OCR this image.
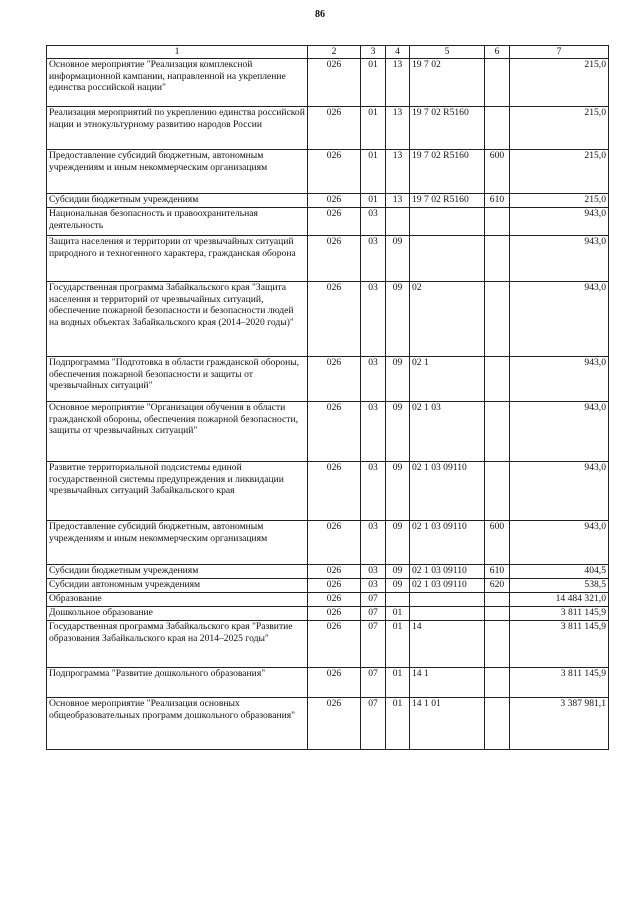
86
1	2	3	4	5	6	7
Основное мероприятие "Реализация комплексной информационной кампании, направленной на укрепление единства российской нации"	026	01	13	19 7 02		215,0
Реализация мероприятий по укреплению единства российской нации и этнокультурному развитию народов России	026	01	13	19 7 02 R5160		215,0
Предоставление субсидий бюджетным, автономным учреждениям и иным некоммерческим организациям	026	01	13	19 7 02 R5160	600	215,0
Субсидии бюджетным учреждениям	026	01	13	19 7 02 R5160	610	215,0
Национальная безопасность и правоохранительная деятельность	026	03				943,0
Защита населения и территории от чрезвычайных ситуаций природного и техногенного характера, гражданская оборона	026	03	09			943,0
Государственная программа Забайкальского края "Защита населения и территорий от чрезвычайных ситуаций, обеспечение пожарной безопасности и безопасности людей на водных объектах Забайкальского края (2014–2020 годы)"	026	03	09	02		943,0
Подпрограмма "Подготовка в области гражданской обороны, обеспечения пожарной безопасности и защиты от чрезвычайных ситуаций"	026	03	09	02 1		943,0
Основное мероприятие "Организация обучения в области гражданской обороны, обеспечения пожарной безопасности, защиты от чрезвычайных ситуаций"	026	03	09	02 1 03		943,0
Развитие территориальной подсистемы единой государственной системы предупреждения и ликвидации чрезвычайных ситуаций Забайкальского края	026	03	09	02 1 03 09110		943,0
Предоставление субсидий бюджетным, автономным учреждениям и иным некоммерческим организациям	026	03	09	02 1 03 09110	600	943,0
Субсидии бюджетным учреждениям	026	03	09	02 1 03 09110	610	404,5
Субсидии автономным учреждениям	026	03	09	02 1 03 09110	620	538,5
Образование	026	07				14 484 321,0
Дошкольное образование	026	07	01			3 811 145,9
Государственная программа Забайкальского края "Развитие образования Забайкальского края на 2014–2025 годы"	026	07	01	14		3 811 145,9
Подпрограмма "Развитие дошкольного образования"	026	07	01	14 1		3 811 145,9
Основное мероприятие "Реализация основных общеобразовательных программ дошкольного образования"	026	07	01	14 1 01		3 387 981,1
